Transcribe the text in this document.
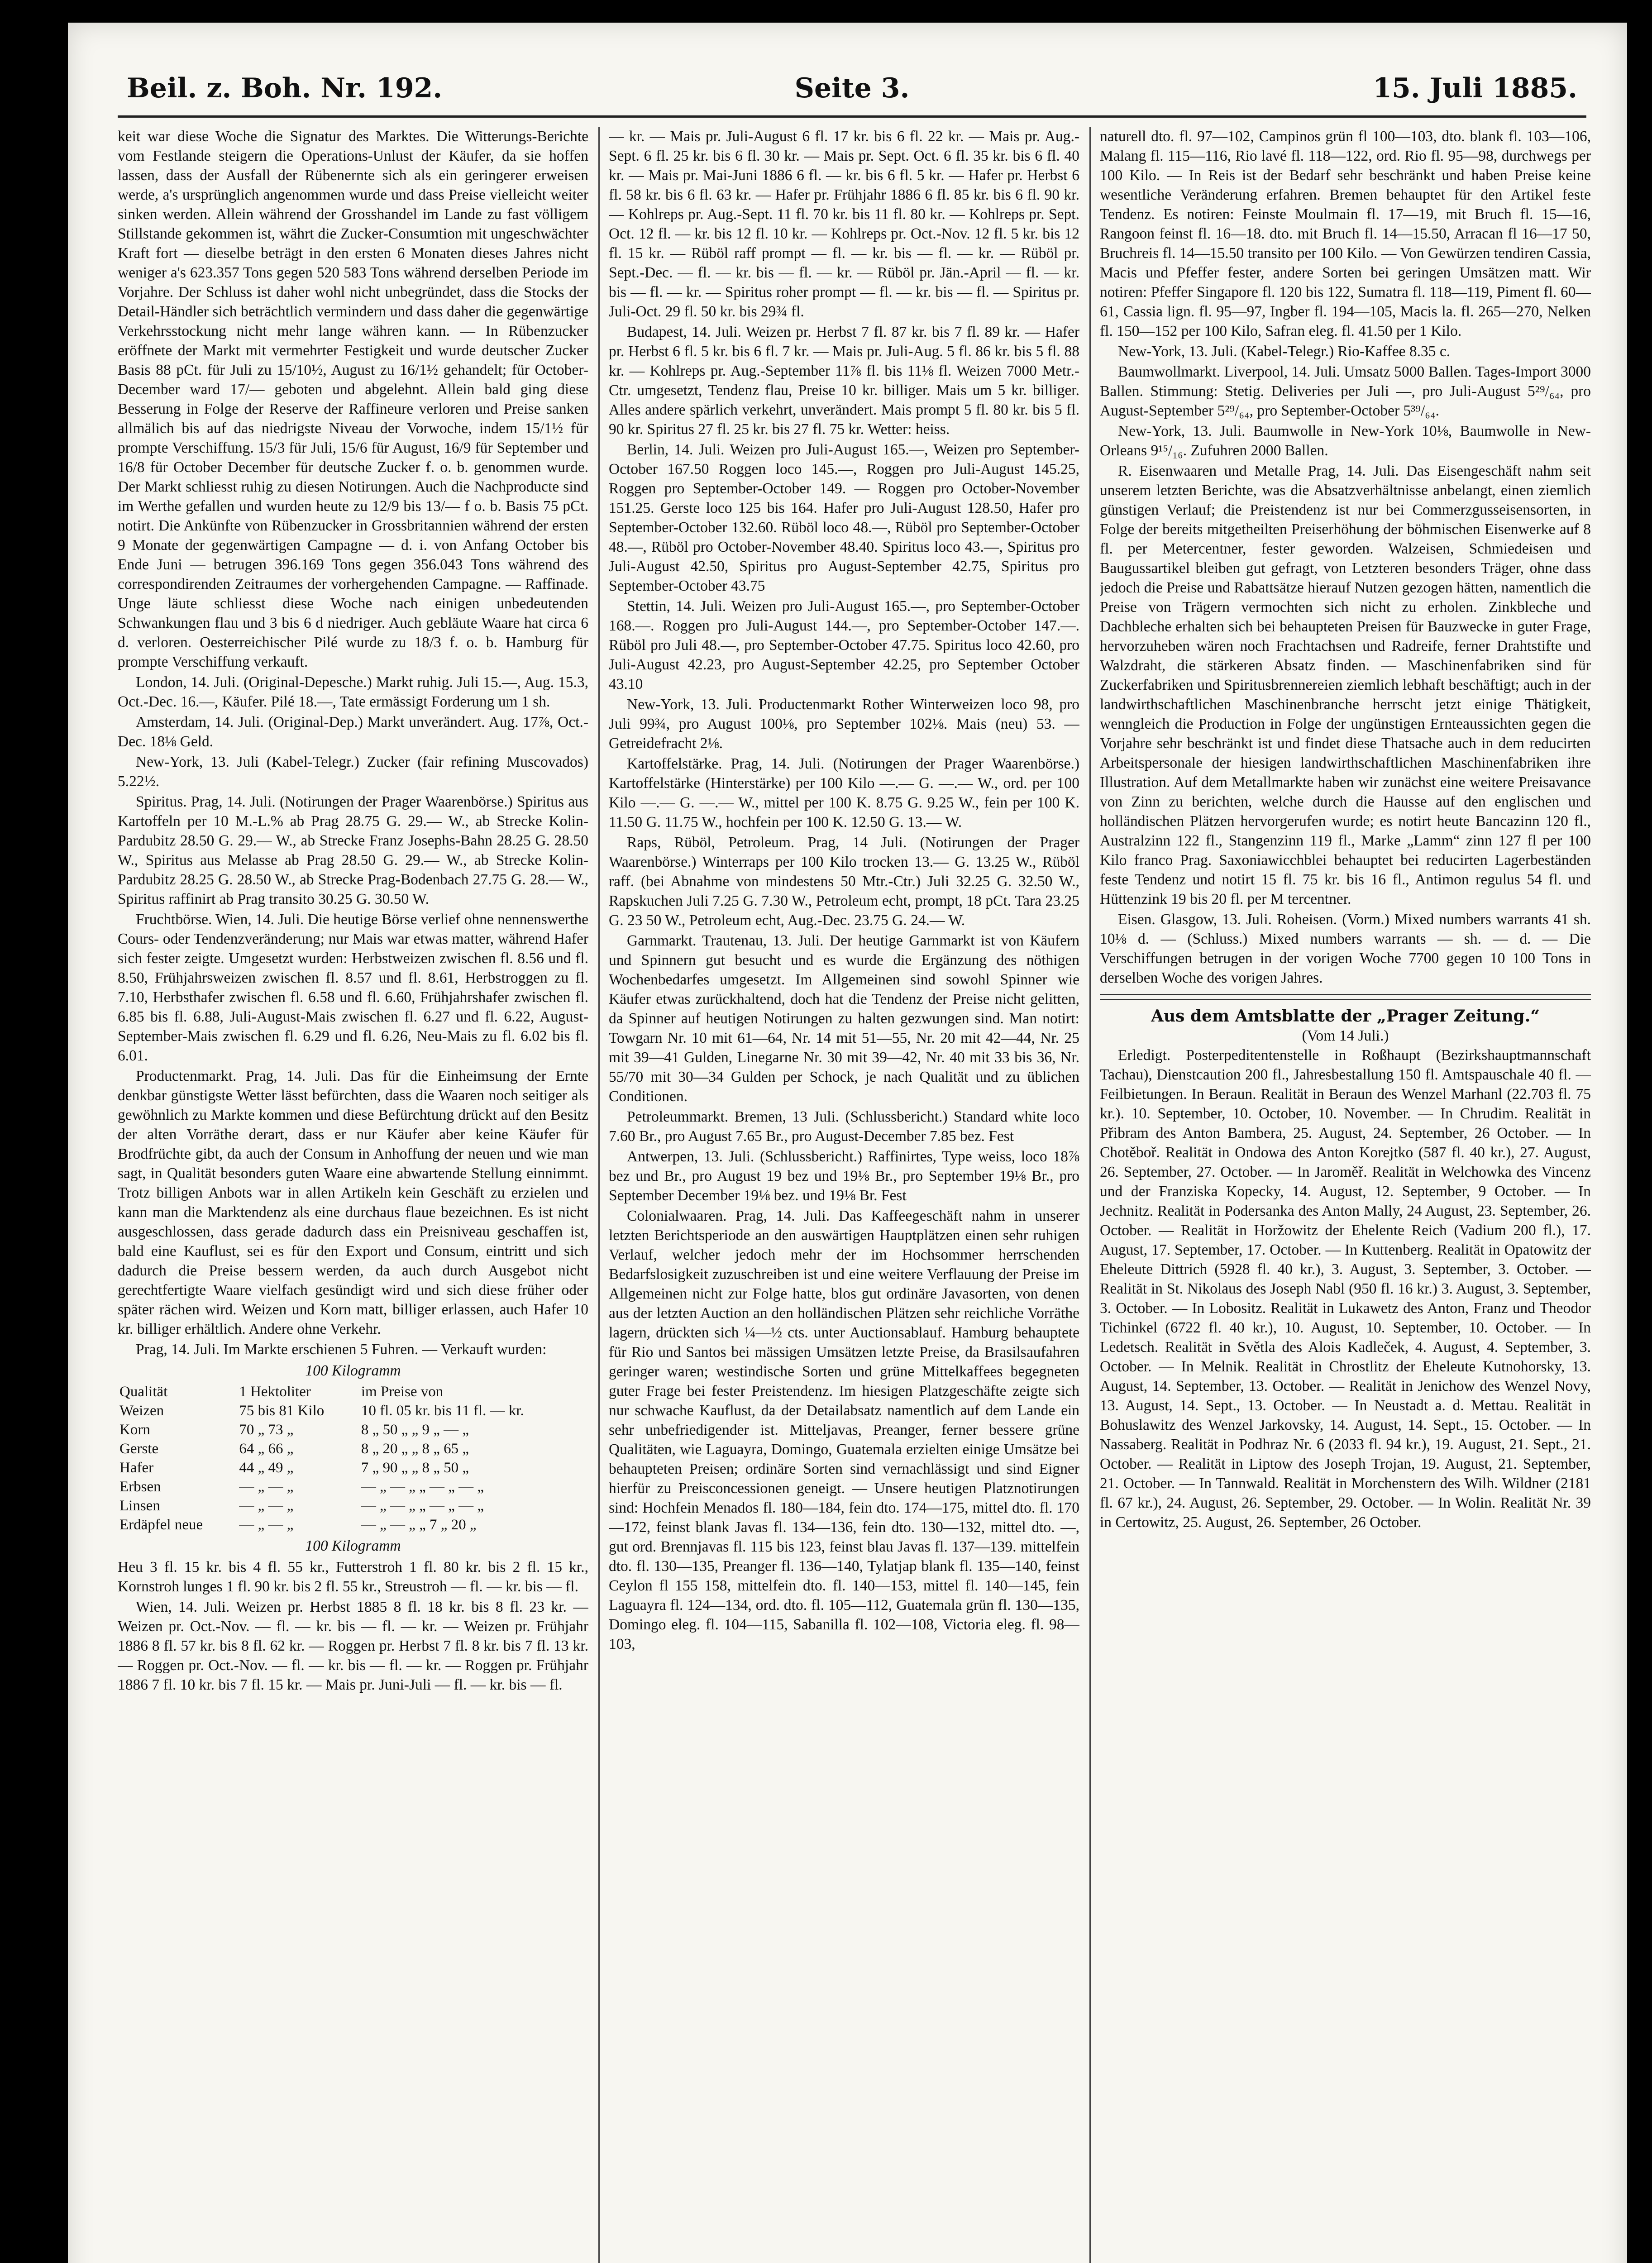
Beil. z. Boh. Nr. 192.	Seite 3.	15. Juli 1885.

keit war diese Woche die Signatur des Marktes. Die Witterungs-Berichte vom Festlande steigern die Operations-Unlust der Käufer, da sie hoffen lassen, dass der Ausfall der Rübenernte sich als ein geringerer erweisen werde, a's ursprünglich angenommen wurde und dass Preise vielleicht weiter sinken werden. Allein während der Grosshandel im Lande zu fast völligem Stillstande gekommen ist, währt die Zucker-Consumtion mit ungeschwächter Kraft fort — dieselbe beträgt in den ersten 6 Monaten dieses Jahres nicht weniger a's 623.357 Tons gegen 520 583 Tons während derselben Periode im Vorjahre. Der Schluss ist daher wohl nicht unbegründet, dass die Stocks der Detail-Händler sich beträchtlich vermindern und dass daher die gegenwärtige Verkehrsstockung nicht mehr lange währen kann. — In Rübenzucker eröffnete der Markt mit vermehrter Festigkeit und wurde deutscher Zucker Basis 88 pCt. für Juli zu 15/10½, August zu 16/1½ gehandelt; für October-December ward 17/— geboten und abgelehnt. Allein bald ging diese Besserung in Folge der Reserve der Raffineure verloren und Preise sanken allmälich bis auf das niedrigste Niveau der Vorwoche, indem 15/1½ für prompte Verschiffung. 15/3 für Juli, 15/6 für August, 16/9 für September und 16/8 für October December für deutsche Zucker f. o. b. genommen wurde. Der Markt schliesst ruhig zu diesen Notirungen. Auch die Nachproducte sind im Werthe gefallen und wurden heute zu 12/9 bis 13/— f o. b. Basis 75 pCt. notirt. Die Ankünfte von Rübenzucker in Grossbritannien während der ersten 9 Monate der gegenwärtigen Campagne — d. i. von Anfang October bis Ende Juni — betrugen 396.169 Tons gegen 356.043 Tons während des correspondirenden Zeitraumes der vorhergehenden Campagne. — Raffinade. Unge läute schliesst diese Woche nach einigen unbedeutenden Schwankungen flau und 3 bis 6 d niedriger. Auch gebläute Waare hat circa 6 d. verloren. Oesterreichischer Pilé wurde zu 18/3 f. o. b. Hamburg für prompte Verschiffung verkauft.

London, 14. Juli. (Original-Depesche.) Markt ruhig. Juli 15.—, Aug. 15.3, Oct.-Dec. 16.—, Käufer. Pilé 18.—, Tate ermässigt Forderung um 1 sh.

Amsterdam, 14. Juli. (Original-Dep.) Markt unverändert. Aug. 17⅞, Oct.-Dec. 18⅛ Geld.

New-York, 13. Juli (Kabel-Telegr.) Zucker (fair refining Muscovados) 5.22½.

Spiritus. Prag, 14. Juli. (Notirungen der Prager Waarenbörse.) Spiritus aus Kartoffeln per 10 M.-L.% ab Prag 28.75 G. 29.— W., ab Strecke Kolin-Pardubitz 28.50 G. 29.— W., ab Strecke Franz Josephs-Bahn 28.25 G. 28.50 W., Spiritus aus Melasse ab Prag 28.50 G. 29.— W., ab Strecke Kolin-Pardubitz 28.25 G. 28.50 W., ab Strecke Prag-Bodenbach 27.75 G. 28.— W., Spiritus raffinirt ab Prag transito 30.25 G. 30.50 W.

Fruchtbörse. Wien, 14. Juli. Die heutige Börse verlief ohne nennenswerthe Cours- oder Tendenzveränderung; nur Mais war etwas matter, während Hafer sich fester zeigte. Umgesetzt wurden: Herbstweizen zwischen fl. 8.56 und fl. 8.50, Frühjahrsweizen zwischen fl. 8.57 und fl. 8.61, Herbstroggen zu fl. 7.10, Herbsthafer zwischen fl. 6.58 und fl. 6.60, Frühjahrshafer zwischen fl. 6.85 bis fl. 6.88, Juli-August-Mais zwischen fl. 6.27 und fl. 6.22, August-September-Mais zwischen fl. 6.29 und fl. 6.26, Neu-Mais zu fl. 6.02 bis fl. 6.01.

Productenmarkt. Prag, 14. Juli. Das für die Einheimsung der Ernte denkbar günstigste Wetter lässt befürchten, dass die Waaren noch seitiger als gewöhnlich zu Markte kommen und diese Befürchtung drückt auf den Besitz der alten Vorräthe derart, dass er nur Käufer aber keine Käufer für Brodfrüchte gibt, da auch der Consum in Anhoffung der neuen und wie man sagt, in Qualität besonders guten Waare eine abwartende Stellung einnimmt. Trotz billigen Anbots war in allen Artikeln kein Geschäft zu erzielen und kann man die Marktendenz als eine durchaus flaue bezeichnen. Es ist nicht ausgeschlossen, dass gerade dadurch dass ein Preisniveau geschaffen ist, bald eine Kauflust, sei es für den Export und Consum, eintritt und sich dadurch die Preise bessern werden, da auch durch Ausgebot nicht gerechtfertigte Waare vielfach gesündigt wird und sich diese früher oder später rächen wird. Weizen und Korn matt, billiger erlassen, auch Hafer 10 kr. billiger erhältlich. Andere ohne Verkehr.

Prag, 14. Juli. Im Markte erschienen 5 Fuhren. — Verkauft wurden:

100 Kilogramm
Qualität	1 Hektoliter	im Preise von
Weizen	75 bis 81 Kilo	10 fl. 05 kr. bis 11 fl. — kr.
Korn	70 „ 73 „	8 „ 50 „ „ 9 „ — „
Gerste	64 „ 66 „	8 „ 20 „ „ 8 „ 65 „
Hafer	44 „ 49 „	7 „ 90 „ „ 8 „ 50 „
Erbsen	— „ — „	— „ — „ „ — „ — „
Linsen	— „ — „	— „ — „ „ — „ — „
Erdäpfel neue	— „ — „	— „ — „ „ 7 „ 20 „
100 Kilogramm

Heu 3 fl. 15 kr. bis 4 fl. 55 kr., Futterstroh 1 fl. 80 kr. bis 2 fl. 15 kr., Kornstroh lunges 1 fl. 90 kr. bis 2 fl. 55 kr., Streustroh — fl. — kr. bis — fl.

Wien, 14. Juli. Weizen pr. Herbst 1885 8 fl. 18 kr. bis 8 fl. 23 kr. — Weizen pr. Oct.-Nov. — fl. — kr. bis — fl. — kr. — Weizen pr. Frühjahr 1886 8 fl. 57 kr. bis 8 fl. 62 kr. — Roggen pr. Herbst 7 fl. 8 kr. bis 7 fl. 13 kr. — Roggen pr. Oct.-Nov. — fl. — kr. bis — fl. — kr. — Roggen pr. Frühjahr 1886 7 fl. 10 kr. bis 7 fl. 15 kr. — Mais pr. Juni-Juli — fl. — kr. bis — fl.

— kr. — Mais pr. Juli-August 6 fl. 17 kr. bis 6 fl. 22 kr. — Mais pr. Aug.-Sept. 6 fl. 25 kr. bis 6 fl. 30 kr. — Mais pr. Sept. Oct. 6 fl. 35 kr. bis 6 fl. 40 kr. — Mais pr. Mai-Juni 1886 6 fl. — kr. bis 6 fl. 5 kr. — Hafer pr. Herbst 6 fl. 58 kr. bis 6 fl. 63 kr. — Hafer pr. Frühjahr 1886 6 fl. 85 kr. bis 6 fl. 90 kr. — Kohlreps pr. Aug.-Sept. 11 fl. 70 kr. bis 11 fl. 80 kr. — Kohlreps pr. Sept. Oct. 12 fl. — kr. bis 12 fl. 10 kr. — Kohlreps pr. Oct.-Nov. 12 fl. 5 kr. bis 12 fl. 15 kr. — Rüböl raff prompt — fl. — kr. bis — fl. — kr. — Rüböl pr. Sept.-Dec. — fl. — kr. bis — fl. — kr. — Rüböl pr. Jän.-April — fl. — kr. bis — fl. — kr. — Spiritus roher prompt — fl. — kr. bis — fl. — Spiritus pr. Juli-Oct. 29 fl. 50 kr. bis 29¾ fl.

Budapest, 14. Juli. Weizen pr. Herbst 7 fl. 87 kr. bis 7 fl. 89 kr. — Hafer pr. Herbst 6 fl. 5 kr. bis 6 fl. 7 kr. — Mais pr. Juli-Aug. 5 fl. 86 kr. bis 5 fl. 88 kr. — Kohlreps pr. Aug.-September 11⅞ fl. bis 11⅛ fl. Weizen 7000 Metr.-Ctr. umgesetzt, Tendenz flau, Preise 10 kr. billiger. Mais um 5 kr. billiger. Alles andere spärlich verkehrt, unverändert. Mais prompt 5 fl. 80 kr. bis 5 fl. 90 kr. Spiritus 27 fl. 25 kr. bis 27 fl. 75 kr. Wetter: heiss.

Berlin, 14. Juli. Weizen pro Juli-August 165.—, Weizen pro September-October 167.50 Roggen loco 145.—, Roggen pro Juli-August 145.25, Roggen pro September-October 149. — Roggen pro October-November 151.25. Gerste loco 125 bis 164. Hafer pro Juli-August 128.50, Hafer pro September-October 132.60. Rüböl loco 48.—, Rüböl pro September-October 48.—, Rüböl pro October-November 48.40. Spiritus loco 43.—, Spiritus pro Juli-August 42.50, Spiritus pro August-September 42.75, Spiritus pro September-October 43.75

Stettin, 14. Juli. Weizen pro Juli-August 165.—, pro September-October 168.—. Roggen pro Juli-August 144.—, pro September-October 147.—. Rüböl pro Juli 48.—, pro September-October 47.75. Spiritus loco 42.60, pro Juli-August 42.23, pro August-September 42.25, pro September October 43.10

New-York, 13. Juli. Productenmarkt Rother Winterweizen loco 98, pro Juli 99¾, pro August 100⅛, pro September 102⅛. Mais (neu) 53. — Getreidefracht 2⅛.

Kartoffelstärke. Prag, 14. Juli. (Notirungen der Prager Waarenbörse.) Kartoffelstärke (Hinterstärke) per 100 Kilo —.— G. —.— W., ord. per 100 Kilo —.— G. —.— W., mittel per 100 K. 8.75 G. 9.25 W., fein per 100 K. 11.50 G. 11.75 W., hochfein per 100 K. 12.50 G. 13.— W.

Raps, Rüböl, Petroleum. Prag, 14 Juli. (Notirungen der Prager Waarenbörse.) Winterraps per 100 Kilo trocken 13.— G. 13.25 W., Rüböl raff. (bei Abnahme von mindestens 50 Mtr.-Ctr.) Juli 32.25 G. 32.50 W., Rapskuchen Juli 7.25 G. 7.30 W., Petroleum echt, prompt, 18 pCt. Tara 23.25 G. 23 50 W., Petroleum echt, Aug.-Dec. 23.75 G. 24.— W.

Garnmarkt. Trautenau, 13. Juli. Der heutige Garnmarkt ist von Käufern und Spinnern gut besucht und es wurde die Ergänzung des nöthigen Wochenbedarfes umgesetzt. Im Allgemeinen sind sowohl Spinner wie Käufer etwas zurückhaltend, doch hat die Tendenz der Preise nicht gelitten, da Spinner auf heutigen Notirungen zu halten gezwungen sind. Man notirt: Towgarn Nr. 10 mit 61—64, Nr. 14 mit 51—55, Nr. 20 mit 42—44, Nr. 25 mit 39—41 Gulden, Linegarne Nr. 30 mit 39—42, Nr. 40 mit 33 bis 36, Nr. 55/70 mit 30—34 Gulden per Schock, je nach Qualität und zu üblichen Conditionen.

Petroleummarkt. Bremen, 13 Juli. (Schlussbericht.) Standard white loco 7.60 Br., pro August 7.65 Br., pro August-December 7.85 bez. Fest

Antwerpen, 13. Juli. (Schlussbericht.) Raffinirtes, Type weiss, loco 18⅞ bez und Br., pro August 19 bez und 19⅛ Br., pro September 19⅛ Br., pro September December 19⅛ bez. und 19⅛ Br. Fest

Colonialwaaren. Prag, 14. Juli. Das Kaffeegeschäft nahm in unserer letzten Berichtsperiode an den auswärtigen Hauptplätzen einen sehr ruhigen Verlauf, welcher jedoch mehr der im Hochsommer herrschenden Bedarfslosigkeit zuzuschreiben ist und eine weitere Verflauung der Preise im Allgemeinen nicht zur Folge hatte, blos gut ordinäre Javasorten, von denen aus der letzten Auction an den holländischen Plätzen sehr reichliche Vorräthe lagern, drückten sich ¼—½ cts. unter Auctionsablauf. Hamburg behauptete für Rio und Santos bei mässigen Umsätzen letzte Preise, da Brasilsaufahren geringer waren; westindische Sorten und grüne Mittelkaffees begegneten guter Frage bei fester Preistendenz. Im hiesigen Platzgeschäfte zeigte sich nur schwache Kauflust, da der Detailabsatz namentlich auf dem Lande ein sehr unbefriedigender ist. Mitteljavas, Preanger, ferner bessere grüne Qualitäten, wie Laguayra, Domingo, Guatemala erzielten einige Umsätze bei behaupteten Preisen; ordinäre Sorten sind vernachlässigt und sind Eigner hierfür zu Preisconcessionen geneigt. — Unsere heutigen Platznotirungen sind: Hochfein Menados fl. 180—184, fein dto. 174—175, mittel dto. fl. 170—172, feinst blank Javas fl. 134—136, fein dto. 130—132, mittel dto. —, gut ord. Brennjavas fl. 115 bis 123, feinst blau Javas fl. 137—139. mittelfein dto. fl. 130—135, Preanger fl. 136—140, Tylatjap blank fl. 135—140, feinst Ceylon fl 155 158, mittelfein dto. fl. 140—153, mittel fl. 140—145, fein Laguayra fl. 124—134, ord. dto. fl. 105—112, Guatemala grün fl. 130—135, Domingo eleg. fl. 104—115, Sabanilla fl. 102—108, Victoria eleg. fl. 98—103,

naturell dto. fl. 97—102, Campinos grün fl 100—103, dto. blank fl. 103—106, Malang fl. 115—116, Rio lavé fl. 118—122, ord. Rio fl. 95—98, durchwegs per 100 Kilo. — In Reis ist der Bedarf sehr beschränkt und haben Preise keine wesentliche Veränderung erfahren. Bremen behauptet für den Artikel feste Tendenz. Es notiren: Feinste Moulmain fl. 17—19, mit Bruch fl. 15—16, Rangoon feinst fl. 16—18. dto. mit Bruch fl. 14—15.50, Arracan fl 16—17 50, Bruchreis fl. 14—15.50 transito per 100 Kilo. — Von Gewürzen tendiren Cassia, Macis und Pfeffer fester, andere Sorten bei geringen Umsätzen matt. Wir notiren: Pfeffer Singapore fl. 120 bis 122, Sumatra fl. 118—119, Piment fl. 60—61, Cassia lign. fl. 95—97, Ingber fl. 194—105, Macis la. fl. 265—270, Nelken fl. 150—152 per 100 Kilo, Safran eleg. fl. 41.50 per 1 Kilo.

New-York, 13. Juli. (Kabel-Telegr.) Rio-Kaffee 8.35 c.

Baumwollmarkt. Liverpool, 14. Juli. Umsatz 5000 Ballen. Tages-Import 3000 Ballen. Stimmung: Stetig. Deliveries per Juli —, pro Juli-August 5²⁹/₆₄, pro August-September 5²⁹/₆₄, pro September-October 5³⁹/₆₄.

New-York, 13. Juli. Baumwolle in New-York 10⅛, Baumwolle in New-Orleans 9¹⁵/₁₆. Zufuhren 2000 Ballen.

R. Eisenwaaren und Metalle Prag, 14. Juli. Das Eisengeschäft nahm seit unserem letzten Berichte, was die Absatzverhältnisse anbelangt, einen ziemlich günstigen Verlauf; die Preistendenz ist nur bei Commerzgusseisensorten, in Folge der bereits mitgetheilten Preiserhöhung der böhmischen Eisenwerke auf 8 fl. per Metercentner, fester geworden. Walzeisen, Schmiedeisen und Baugussartikel bleiben gut gefragt, von Letzteren besonders Träger, ohne dass jedoch die Preise und Rabattsätze hierauf Nutzen gezogen hätten, namentlich die Preise von Trägern vermochten sich nicht zu erholen. Zinkbleche und Dachbleche erhalten sich bei behaupteten Preisen für Bauzwecke in guter Frage, hervorzuheben wären noch Frachtachsen und Radreife, ferner Drahtstifte und Walzdraht, die stärkeren Absatz finden. — Maschinenfabriken sind für Zuckerfabriken und Spiritusbrennereien ziemlich lebhaft beschäftigt; auch in der landwirthschaftlichen Maschinenbranche herrscht jetzt einige Thätigkeit, wenngleich die Production in Folge der ungünstigen Ernteaussichten gegen die Vorjahre sehr beschränkt ist und findet diese Thatsache auch in dem reducirten Arbeitspersonale der hiesigen landwirthschaftlichen Maschinenfabriken ihre Illustration. Auf dem Metallmarkte haben wir zunächst eine weitere Preisavance von Zinn zu berichten, welche durch die Hausse auf den englischen und holländischen Plätzen hervorgerufen wurde; es notirt heute Bancazinn 120 fl., Australzinn 122 fl., Stangenzinn 119 fl., Marke „Lamm“ zinn 127 fl per 100 Kilo franco Prag. Saxoniawicchblei behauptet bei reducirten Lagerbeständen feste Tendenz und notirt 15 fl. 75 kr. bis 16 fl., Antimon regulus 54 fl. und Hüttenzink 19 bis 20 fl. per M tercentner.

Eisen. Glasgow, 13. Juli. Roheisen. (Vorm.) Mixed numbers warrants 41 sh. 10⅛ d. — (Schluss.) Mixed numbers warrants — sh. — d. — Die Verschiffungen betrugen in der vorigen Woche 7700 gegen 10 100 Tons in derselben Woche des vorigen Jahres.

Aus dem Amtsblatte der „Prager Zeitung.“
(Vom 14 Juli.)

Erledigt. Posterpeditentenstelle in Roßhaupt (Bezirkshauptmannschaft Tachau), Dienstcaution 200 fl., Jahresbestallung 150 fl. Amtspauschale 40 fl. — Feilbietungen. In Beraun. Realität in Beraun des Wenzel Marhanl (22.703 fl. 75 kr.). 10. September, 10. October, 10. November. — In Chrudim. Realität in Přibram des Anton Bambera, 25. August, 24. September, 26 October. — In Chotěboř. Realität in Ondowa des Anton Korejtko (587 fl. 40 kr.), 27. August, 26. September, 27. October. — In Jaroměř. Realität in Welchowka des Vincenz und der Franziska Kopecky, 14. August, 12. September, 9 October. — In Jechnitz. Realität in Podersanka des Anton Mally, 24 August, 23. September, 26. October. — Realität in Horžowitz der Ehelente Reich (Vadium 200 fl.), 17. August, 17. September, 17. October. — In Kuttenberg. Realität in Opatowitz der Eheleute Dittrich (5928 fl. 40 kr.), 3. August, 3. September, 3. October. — Realität in St. Nikolaus des Joseph Nabl (950 fl. 16 kr.) 3. August, 3. September, 3. October. — In Lobositz. Realität in Lukawetz des Anton, Franz und Theodor Tichinkel (6722 fl. 40 kr.), 10. August, 10. September, 10. October. — In Ledetsch. Realität in Světla des Alois Kadleček, 4. August, 4. September, 3. October. — In Melnik. Realität in Chrostlitz der Eheleute Kutnohorsky, 13. August, 14. September, 13. October. — Realität in Jenichow des Wenzel Novy, 13. August, 14. Sept., 13. October. — In Neustadt a. d. Mettau. Realität in Bohuslawitz des Wenzel Jarkovsky, 14. August, 14. Sept., 15. October. — In Nassaberg. Realität in Podhraz Nr. 6 (2033 fl. 94 kr.), 19. August, 21. Sept., 21. October. — Realität in Liptow des Joseph Trojan, 19. August, 21. September, 21. October. — In Tannwald. Realität in Morchenstern des Wilh. Wildner (2181 fl. 67 kr.), 24. August, 26. September, 29. October. — In Wolin. Realität Nr. 39 in Certowitz, 25. August, 26. September, 26 October.
